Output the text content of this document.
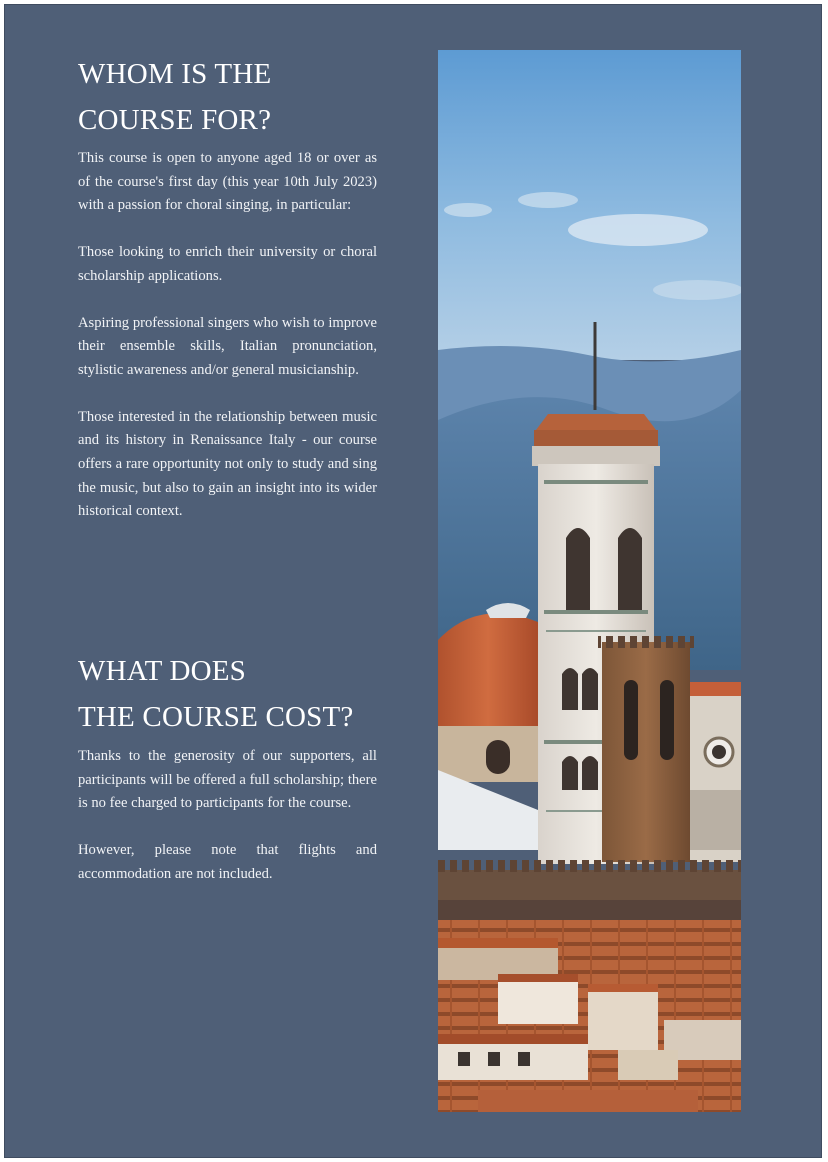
WHOM IS THE
COURSE FOR?

This course is open to anyone aged 18 or over as of the course's first day (this year 10th July 2023) with a passion for choral singing, in particular:

Those looking to enrich their university or choral scholarship applications.

Aspiring professional singers who wish to improve their ensemble skills, Italian pronunciation, stylistic awareness and/or general musicianship.

Those interested in the relationship between music and its history in Renaissance Italy - our course offers a rare opportunity not only to study and sing the music, but also to gain an insight into its wider historical context.

WHAT DOES
THE COURSE COST?

Thanks to the generosity of our supporters, all participants will be offered a full scholarship; there is no fee charged to participants for the course.

However, please note that flights and accommodation are not included.
